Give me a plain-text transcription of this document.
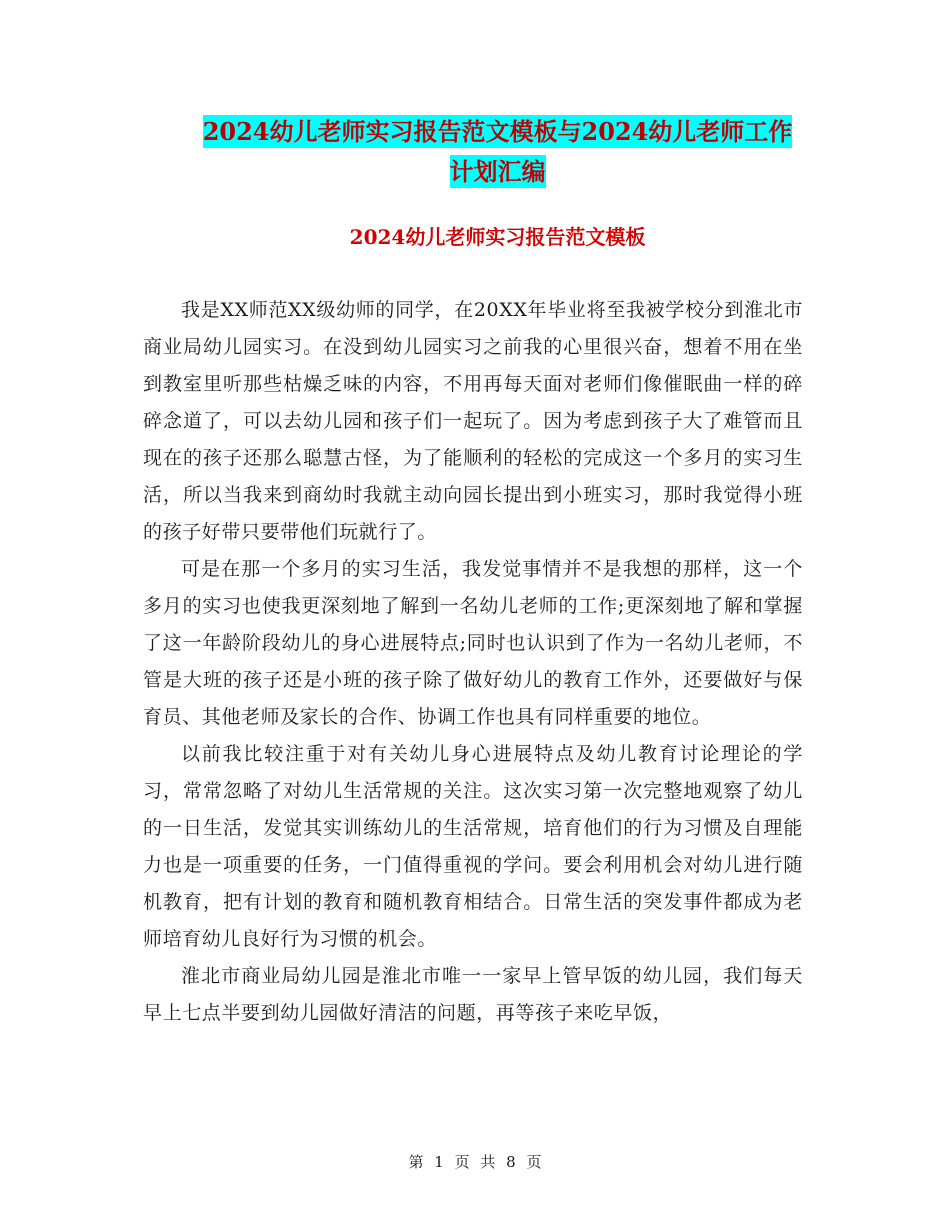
2024幼儿老师实习报告范文模板与2024幼儿老师工作
计划汇编
2024幼儿老师实习报告范文模板

我是XX师范XX级幼师的同学，在20XX年毕业将至我被学校分到淮北市商业局幼儿园实习。在没到幼儿园实习之前我的心里很兴奋，想着不用在坐到教室里听那些枯燥乏味的内容，不用再每天面对老师们像催眠曲一样的碎碎念道了，可以去幼儿园和孩子们一起玩了。因为考虑到孩子大了难管而且现在的孩子还那么聪慧古怪，为了能顺利的轻松的完成这一个多月的实习生活，所以当我来到商幼时我就主动向园长提出到小班实习，那时我觉得小班的孩子好带只要带他们玩就行了。

可是在那一个多月的实习生活，我发觉事情并不是我想的那样，这一个多月的实习也使我更深刻地了解到一名幼儿老师的工作;更深刻地了解和掌握了这一年龄阶段幼儿的身心进展特点;同时也认识到了作为一名幼儿老师，不管是大班的孩子还是小班的孩子除了做好幼儿的教育工作外，还要做好与保育员、其他老师及家长的合作、协调工作也具有同样重要的地位。

以前我比较注重于对有关幼儿身心进展特点及幼儿教育讨论理论的学习，常常忽略了对幼儿生活常规的关注。这次实习第一次完整地观察了幼儿的一日生活，发觉其实训练幼儿的生活常规，培育他们的行为习惯及自理能力也是一项重要的任务，一门值得重视的学问。要会利用机会对幼儿进行随机教育，把有计划的教育和随机教育相结合。日常生活的突发事件都成为老师培育幼儿良好行为习惯的机会。

淮北市商业局幼儿园是淮北市唯一一家早上管早饭的幼儿园，我们每天早上七点半要到幼儿园做好清洁的问题，再等孩子来吃早饭，

第 1 页 共 8 页
